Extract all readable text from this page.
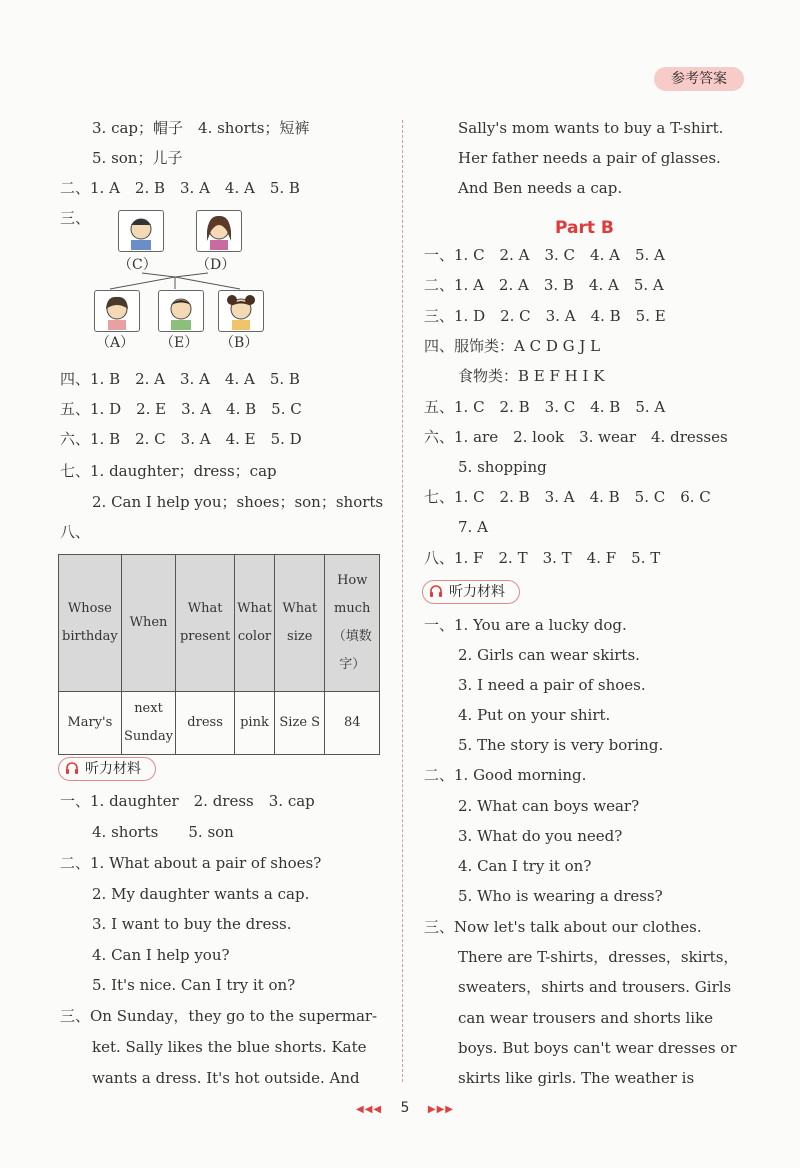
参考答案
3. cap；帽子　4. shorts；短裤
5. son；儿子
二、1. A　2. B　3. A　4. A　5. B
三、
（C）	（D）
（A） （E） （B）
四、1. B　2. A　3. A　4. A　5. B
五、1. D　2. E　3. A　4. B　5. C
六、1. B　2. C　3. A　4. E　5. D
七、1. daughter；dress；cap
2. Can I help you；shoes；son；shorts
八、
Whose birthday	When	What present	What color	What size	How much（填数字）
Mary's	next Sunday	dress	pink	Size S	84
听力材料
一、1. daughter　2. dress　3. cap
4. shorts　　5. son
二、1. What about a pair of shoes?
2. My daughter wants a cap.
3. I want to buy the dress.
4. Can I help you?
5. It's nice. Can I try it on?
三、On Sunday，they go to the supermar-
ket. Sally likes the blue shorts. Kate
wants a dress. It's hot outside. And
Sally's mom wants to buy a T-shirt.
Her father needs a pair of glasses.
And Ben needs a cap.
Part B
一、1. C　2. A　3. C　4. A　5. A
二、1. A　2. A　3. B　4. A　5. A
三、1. D　2. C　3. A　4. B　5. E
四、服饰类：A C D G J L
食物类：B E F H I K
五、1. C　2. B　3. C　4. B　5. A
六、1. are　2. look　3. wear　4. dresses
5. shopping
七、1. C　2. B　3. A　4. B　5. C　6. C
7. A
八、1. F　2. T　3. T　4. F　5. T
听力材料
一、1. You are a lucky dog.
2. Girls can wear skirts.
3. I need a pair of shoes.
4. Put on your shirt.
5. The story is very boring.
二、1. Good morning.
2. What can boys wear?
3. What do you need?
4. Can I try it on?
5. Who is wearing a dress?
三、Now let's talk about our clothes.
There are T-shirts，dresses，skirts，
sweaters，shirts and trousers. Girls
can wear trousers and shorts like
boys. But boys can't wear dresses or
skirts like girls. The weather is
◀◀◀ 5 ▶▶▶
